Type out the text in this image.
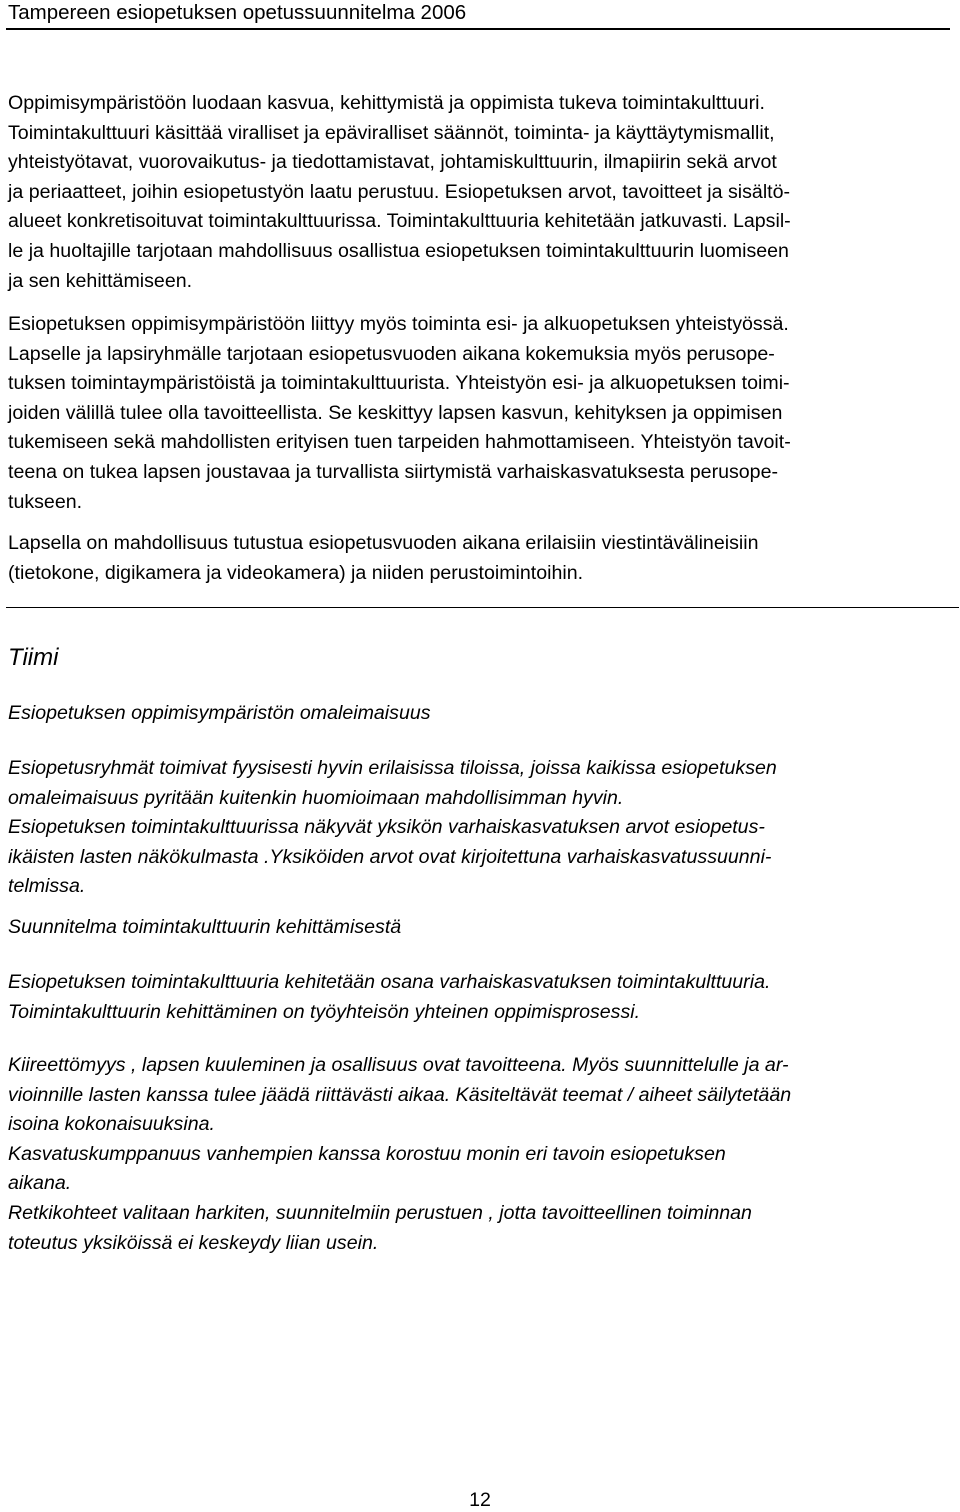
Tampereen esiopetuksen opetussuunnitelma 2006
Oppimisympäristöön luodaan kasvua, kehittymistä ja oppimista tukeva toimintakulttuuri.
Toimintakulttuuri käsittää viralliset ja epäviralliset säännöt, toiminta- ja käyttäytymismallit,
yhteistyötavat, vuorovaikutus- ja tiedottamistavat, johtamiskulttuurin, ilmapiirin sekä arvot
ja periaatteet, joihin esiopetustyön laatu perustuu. Esiopetuksen arvot, tavoitteet ja sisältö-
alueet konkretisoituvat toimintakulttuurissa. Toimintakulttuuria kehitetään jatkuvasti. Lapsil-
le ja huoltajille tarjotaan mahdollisuus osallistua esiopetuksen toimintakulttuurin luomiseen
ja sen kehittämiseen.
Esiopetuksen oppimisympäristöön liittyy myös toiminta esi- ja alkuopetuksen yhteistyössä.
Lapselle ja lapsiryhmälle tarjotaan esiopetusvuoden aikana kokemuksia myös perusope-
tuksen toimintaympäristöistä ja toimintakulttuurista. Yhteistyön esi- ja alkuopetuksen toimi-
joiden välillä tulee olla tavoitteellista. Se keskittyy lapsen kasvun, kehityksen ja oppimisen
tukemiseen sekä mahdollisten erityisen tuen tarpeiden hahmottamiseen. Yhteistyön tavoit-
teena on tukea lapsen joustavaa ja turvallista siirtymistä varhaiskasvatuksesta perusope-
tukseen.
Lapsella on mahdollisuus tutustua esiopetusvuoden aikana erilaisiin viestintävälineisiin
(tietokone, digikamera ja videokamera) ja niiden perustoimintoihin.
Tiimi
Esiopetuksen oppimisympäristön omaleimaisuus
Esiopetusryhmät toimivat fyysisesti hyvin erilaisissa tiloissa, joissa kaikissa esiopetuksen
omaleimaisuus pyritään kuitenkin huomioimaan mahdollisimman hyvin.
Esiopetuksen toimintakulttuurissa näkyvät yksikön varhaiskasvatuksen arvot esiopetus-
ikäisten lasten näkökulmasta .Yksiköiden arvot ovat kirjoitettuna varhaiskasvatussuunni-
telmissa.
Suunnitelma toimintakulttuurin kehittämisestä
Esiopetuksen toimintakulttuuria kehitetään osana varhaiskasvatuksen toimintakulttuuria.
Toimintakulttuurin kehittäminen on työyhteisön yhteinen oppimisprosessi.
Kiireettömyys , lapsen kuuleminen ja osallisuus ovat tavoitteena. Myös suunnittelulle ja ar-
vioinnille lasten kanssa tulee jäädä riittävästi aikaa. Käsiteltävät teemat / aiheet säilytetään
isoina kokonaisuuksina.
Kasvatuskumppanuus vanhempien kanssa korostuu monin eri tavoin esiopetuksen
aikana.
Retkikohteet valitaan harkiten, suunnitelmiin perustuen , jotta tavoitteellinen toiminnan
toteutus yksiköissä ei keskeydy liian usein.
12
